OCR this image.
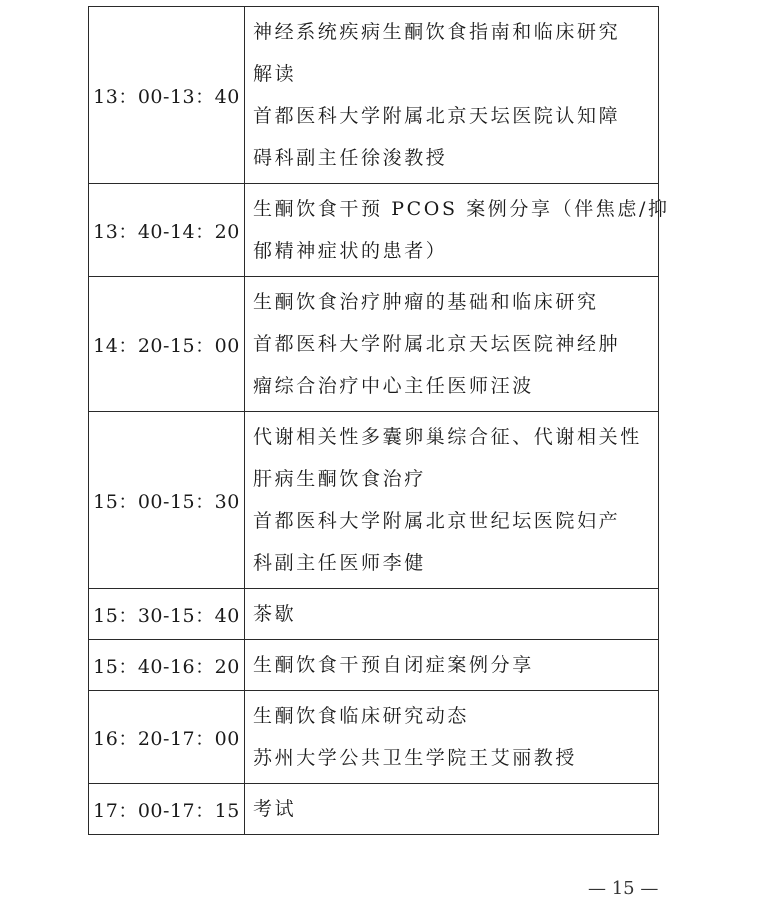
13：00-13：40	神经系统疾病生酮饮食指南和临床研究
解读
首都医科大学附属北京天坛医院认知障
碍科副主任徐浚教授

13：40-14：20	生酮饮食干预 PCOS 案例分享（伴焦虑/抑
郁精神症状的患者）

14：20-15：00	生酮饮食治疗肿瘤的基础和临床研究
首都医科大学附属北京天坛医院神经肿
瘤综合治疗中心主任医师汪波

15：00-15：30	代谢相关性多囊卵巢综合征、代谢相关性
肝病生酮饮食治疗
首都医科大学附属北京世纪坛医院妇产
科副主任医师李健

15：30-15：40	茶歇

15：40-16：20	生酮饮食干预自闭症案例分享

16：20-17：00	生酮饮食临床研究动态
苏州大学公共卫生学院王艾丽教授

17：00-17：15	考试
— 15 —
